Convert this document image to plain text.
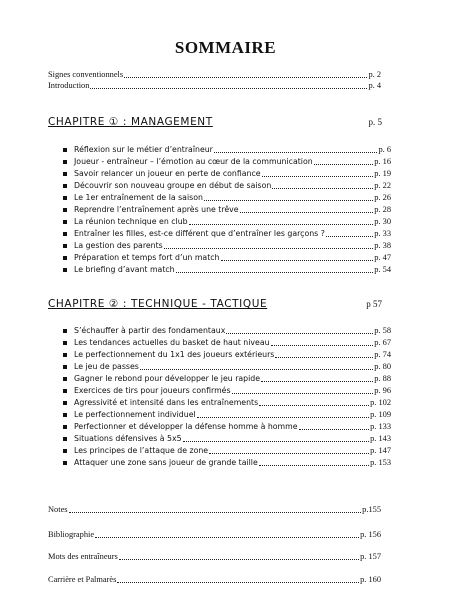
SOMMAIRE
Signes conventionnels	p. 2
Introduction	p. 4
CHAPITRE ① : MANAGEMENT	p. 5
Réflexion sur le métier d’entraîneur	p. 6
Joueur - entraîneur – l’émotion au cœur de la communication	p. 16
Savoir relancer un joueur en perte de confiance	p. 19
Découvrir son nouveau groupe en début de saison	p. 22
Le 1er entraînement de la saison	p. 26
Reprendre l’entraînement après une trêve	p. 28
La réunion technique en club	p. 30
Entraîner les filles, est-ce différent que d’entraîner les garçons ?	p. 33
La gestion des parents	p. 38
Préparation et temps fort d’un match	p. 47
Le briefing d’avant match	p. 54
CHAPITRE ② : TECHNIQUE - TACTIQUE	p 57
S’échauffer à partir des fondamentaux	p. 58
Les tendances actuelles du basket de haut niveau	p. 67
Le perfectionnement du 1x1 des joueurs extérieurs	p. 74
Le jeu de passes	p. 80
Gagner le rebond pour développer le jeu rapide	p. 88
Exercices de tirs pour joueurs confirmés	p. 96
Agressivité et intensité dans les entraînements	p. 102
Le perfectionnement individuel	p. 109
Perfectionner et développer la défense homme à homme	p. 133
Situations défensives à 5x5	p. 143
Les principes de l’attaque de zone	p. 147
Attaquer une zone sans joueur de grande taille	p. 153
Notes	p.155
Bibliographie	p. 156
Mots des entraîneurs	p. 157
Carrière et Palmarès	p. 160
